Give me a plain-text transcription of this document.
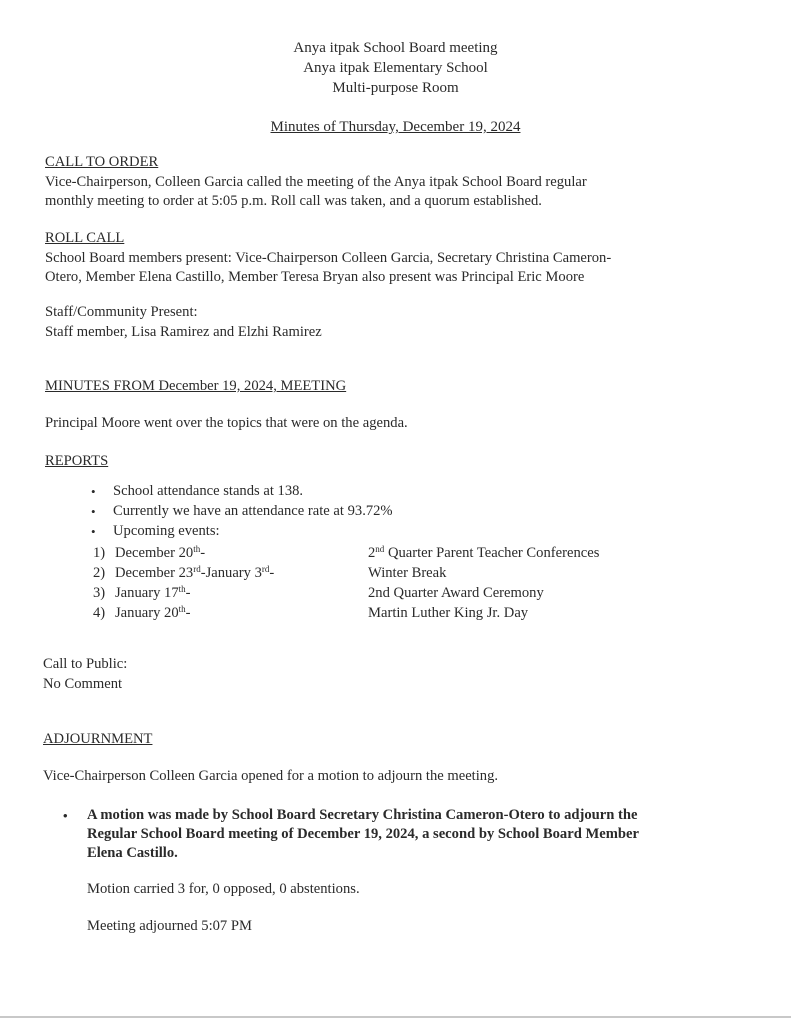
Anya itpak School Board meeting
Anya itpak Elementary School
Multi-purpose Room
Minutes of Thursday, December 19, 2024
CALL TO ORDER
Vice-Chairperson, Colleen Garcia called the meeting of the Anya itpak School Board regular
monthly meeting to order at 5:05 p.m. Roll call was taken, and a quorum established.
ROLL CALL
School Board members present: Vice-Chairperson Colleen Garcia, Secretary Christina Cameron-
Otero, Member Elena Castillo, Member Teresa Bryan also present was Principal Eric Moore
Staff/Community Present:
Staff member, Lisa Ramirez and Elzhi Ramirez
MINUTES FROM December 19, 2024, MEETING
Principal Moore went over the topics that were on the agenda.
REPORTS
• School attendance stands at 138.
• Currently we have an attendance rate at 93.72%
• Upcoming events:
1) December 20th-	2nd Quarter Parent Teacher Conferences
2) December 23rd-January 3rd-	Winter Break
3) January 17th-	2nd Quarter Award Ceremony
4) January 20th-	Martin Luther King Jr. Day
Call to Public:
No Comment
ADJOURNMENT
Vice-Chairperson Colleen Garcia opened for a motion to adjourn the meeting.
• A motion was made by School Board Secretary Christina Cameron-Otero to adjourn the
Regular School Board meeting of December 19, 2024, a second by School Board Member
Elena Castillo.
Motion carried 3 for, 0 opposed, 0 abstentions.
Meeting adjourned 5:07 PM
